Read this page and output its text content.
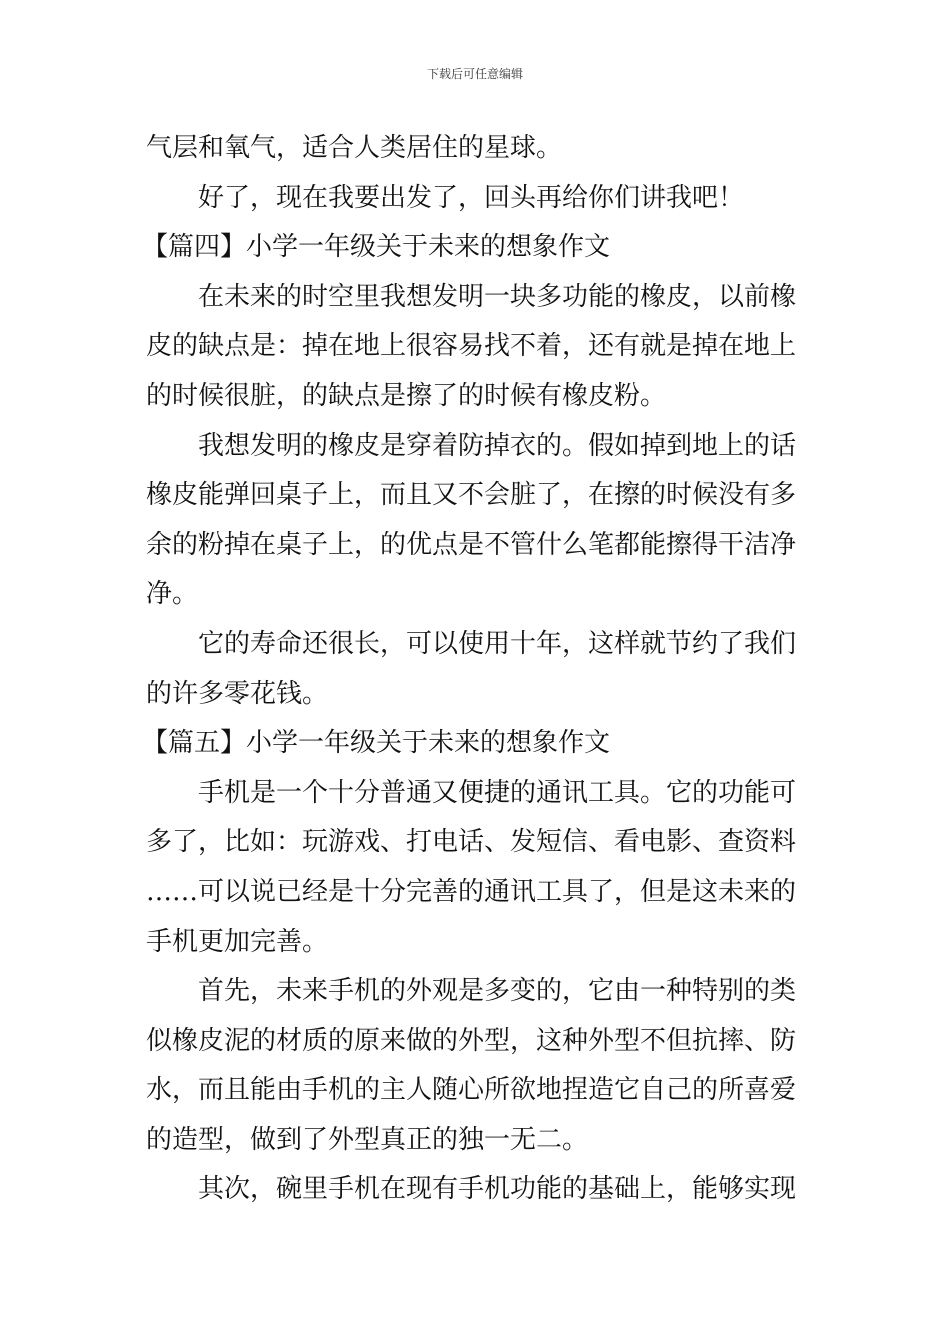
下载后可任意编辑
气层和氧气，适合人类居住的星球。
好了，现在我要出发了，回头再给你们讲我吧！
【篇四】小学一年级关于未来的想象作文
在未来的时空里我想发明一块多功能的橡皮，以前橡
皮的缺点是：掉在地上很容易找不着，还有就是掉在地上
的时候很脏，的缺点是擦了的时候有橡皮粉。
我想发明的橡皮是穿着防掉衣的。假如掉到地上的话
橡皮能弹回桌子上，而且又不会脏了，在擦的时候没有多
余的粉掉在桌子上，的优点是不管什么笔都能擦得干洁净
净。
它的寿命还很长，可以使用十年，这样就节约了我们
的许多零花钱。
【篇五】小学一年级关于未来的想象作文
手机是一个十分普通又便捷的通讯工具。它的功能可
多了，比如：玩游戏、打电话、发短信、看电影、查资料
……可以说已经是十分完善的通讯工具了，但是这未来的
手机更加完善。
首先，未来手机的外观是多变的，它由一种特别的类
似橡皮泥的材质的原来做的外型，这种外型不但抗摔、防
水，而且能由手机的主人随心所欲地捏造它自己的所喜爱
的造型，做到了外型真正的独一无二。
其次，碗里手机在现有手机功能的基础上，能够实现
